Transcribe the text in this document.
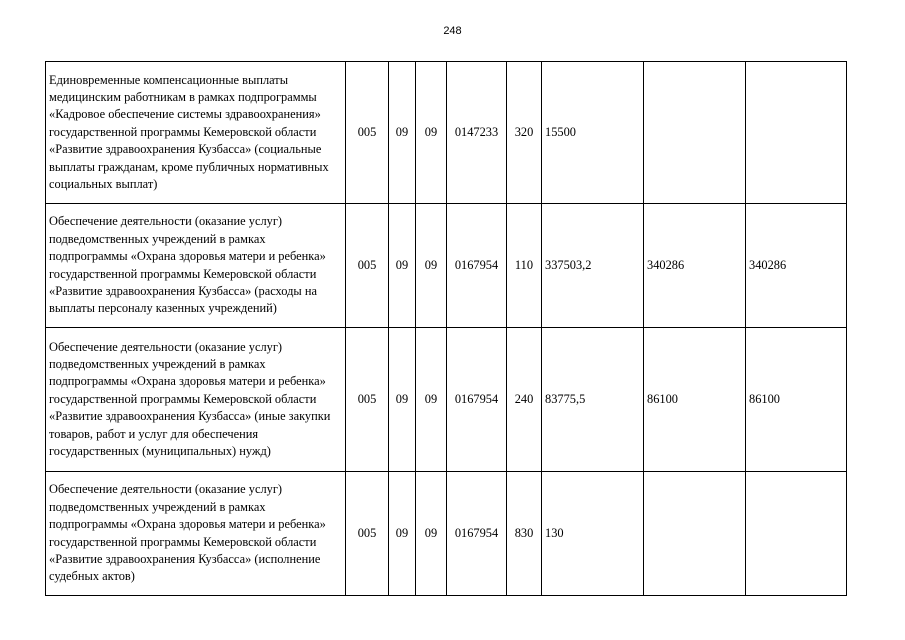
248
Единовременные компенсационные выплаты медицинским работникам в рамках подпрограммы «Кадровое обеспечение системы здравоохранения» государственной программы Кемеровской области «Развитие здравоохранения Кузбасса» (социальные выплаты гражданам, кроме публичных нормативных социальных выплат)	005	09	09	0147233	320	15500		
Обеспечение деятельности (оказание услуг) подведомственных учреждений в рамках подпрограммы «Охрана здоровья матери и ребенка» государственной программы Кемеровской области «Развитие здравоохранения Кузбасса» (расходы на выплаты персоналу казенных учреждений)	005	09	09	0167954	110	337503,2	340286	340286
Обеспечение деятельности (оказание услуг) подведомственных учреждений в рамках подпрограммы «Охрана здоровья матери и ребенка» государственной программы Кемеровской области «Развитие здравоохранения Кузбасса» (иные закупки товаров, работ и услуг для обеспечения государственных (муниципальных) нужд)	005	09	09	0167954	240	83775,5	86100	86100
Обеспечение деятельности (оказание услуг) подведомственных учреждений в рамках подпрограммы «Охрана здоровья матери и ребенка» государственной программы Кемеровской области «Развитие здравоохранения Кузбасса» (исполнение судебных актов)	005	09	09	0167954	830	130		
